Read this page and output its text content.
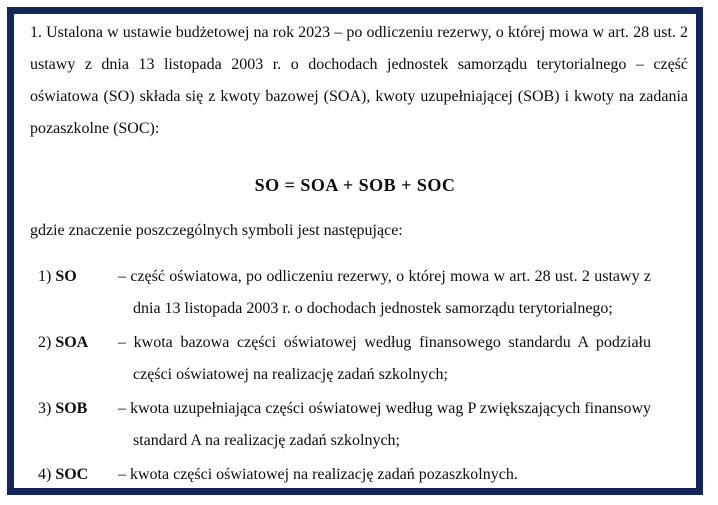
1. Ustalona w ustawie budżetowej na rok 2023 – po odliczeniu rezerwy, o której mowa w art. 28 ust. 2 ustawy z dnia 13 listopada 2003 r. o dochodach jednostek samorządu terytorialnego – część oświatowa (SO) składa się z kwoty bazowej (SOA), kwoty uzupełniającej (SOB) i kwoty na zadania pozaszkolne (SOC):

SO = SOA + SOB + SOC
gdzie znaczenie poszczególnych symboli jest następujące:
1) SO	– część oświatowa, po odliczeniu rezerwy, o której mowa w art. 28 ust. 2 ustawy z dnia 13 listopada 2003 r. o dochodach jednostek samorządu terytorialnego;
2) SOA	– kwota bazowa części oświatowej według finansowego standardu A podziału części oświatowej na realizację zadań szkolnych;
3) SOB	– kwota uzupełniająca części oświatowej według wag P zwiększających finansowy standard A na realizację zadań szkolnych;
4) SOC	– kwota części oświatowej na realizację zadań pozaszkolnych.
